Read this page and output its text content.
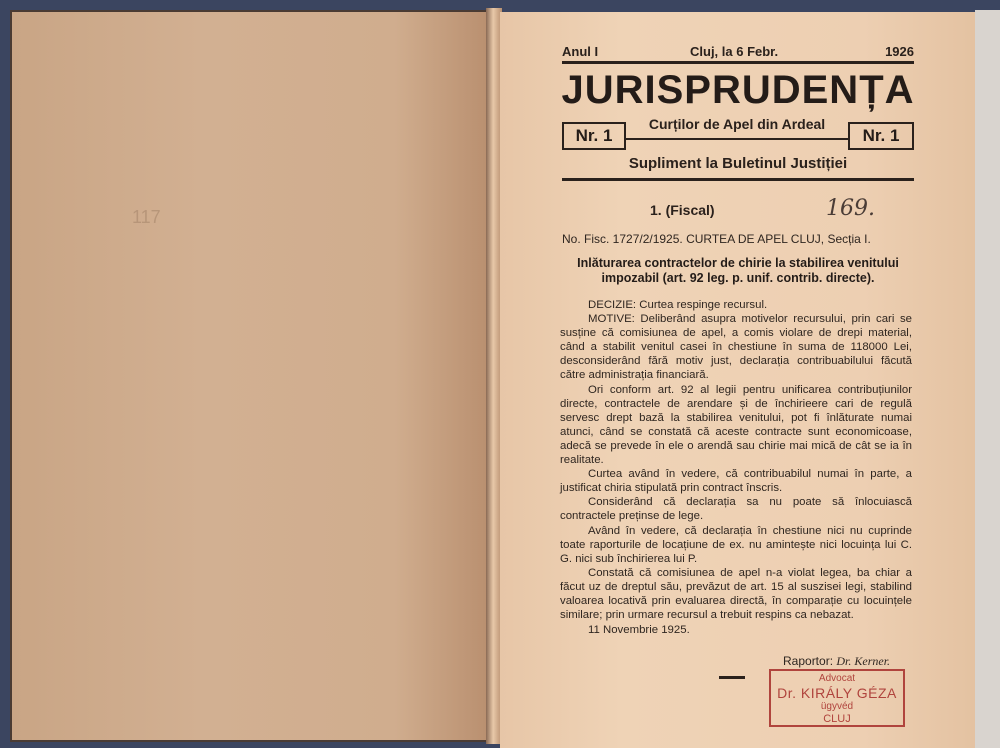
117
Anul I	Cluj, la 6 Febr.	1926
JURISPRUDENȚA
Nr. 1
Curților de Apel din Ardeal
Nr. 1
Supliment la Buletinul Justiției
1. (Fiscal)	169.
No. Fisc. 1727/2/1925. CURTEA DE APEL CLUJ, Secția I.
Inlăturarea contractelor de chirie la stabilirea venitului impozabil (art. 92 leg. p. unif. contrib. directe).

DECIZIE: Curtea respinge recursul.

MOTIVE: Deliberând asupra motivelor recursului, prin cari se susține că comisiunea de apel, a comis violare de drepi material, când a stabilit venitul casei în chestiune în suma de 118000 Lei, desconsiderând fără motiv just, declarația contribuabilului făcută către administrația financiară.

Ori conform art. 92 al legii pentru unificarea contribuțiunilor directe, contractele de arendare și de închirieere cari de regulă servesc drept bază la stabilirea venitului, pot fi înlăturate numai atunci, când se constată că aceste contracte sunt economicoase, adecă se prevede în ele o arendă sau chirie mai mică de cât se ia în realitate.

Curtea având în vedere, că contribuabilul numai în parte, a justificat chiria stipulată prin contract înscris.

Considerând că declarația sa nu poate să înlocuiască contractele preținse de lege.

Având în vedere, că declarația în chestiune nici nu cuprinde toate raporturile de locațiune de ex. nu amintește nici locuința lui C. G. nici sub închirierea lui P.

Constată că comisiunea de apel n-a violat legea, ba chiar a făcut uz de dreptul său, prevăzut de art. 15 al suszisei legi, stabilind valoarea locativă prin evaluarea directă, în comparație cu locuințele similare; prin urmare recursul a trebuit respins ca nebazat.

11 Novembrie 1925.

Raportor: Dr. Kerner.
Advocat
Dr. KIRÁLY GÉZA
ügyvéd
CLUJ
